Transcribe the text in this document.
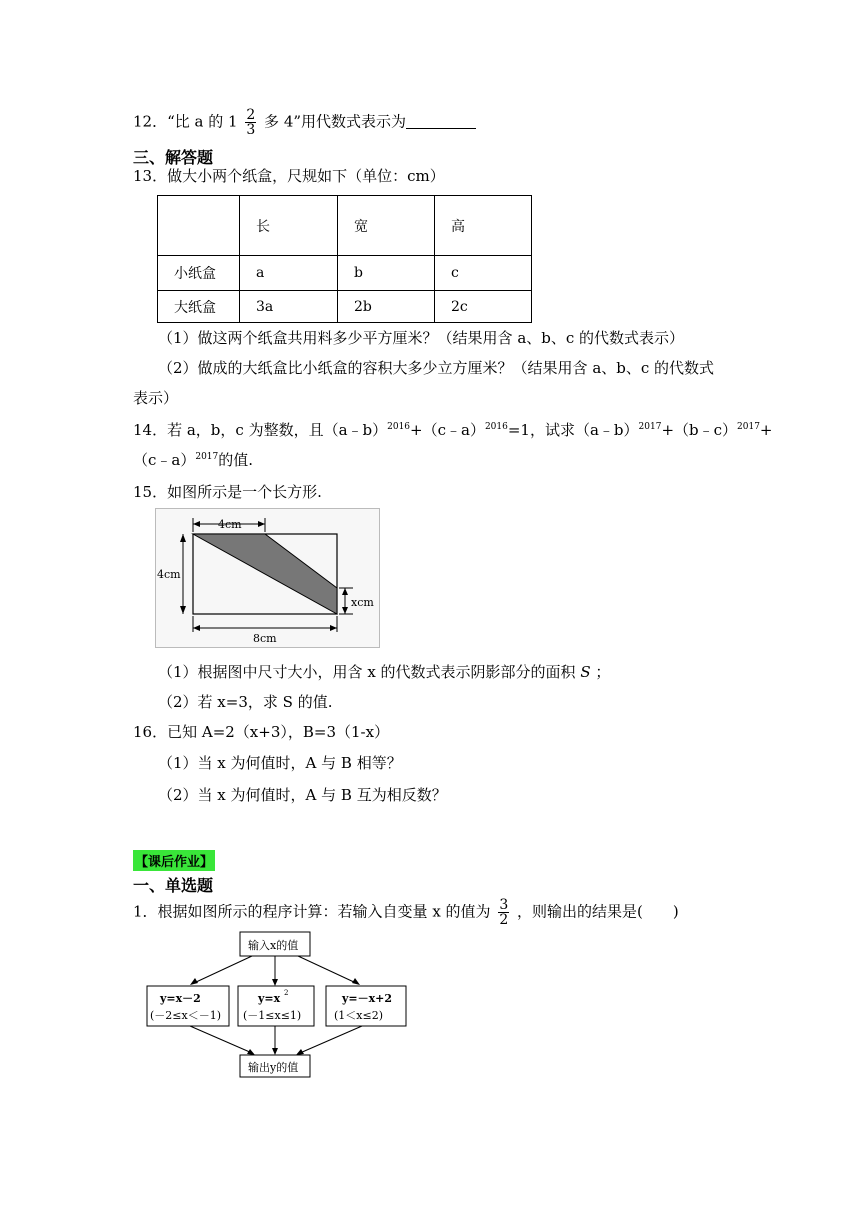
12．“比 a 的 $1 \frac{2}{3}$ 多 4”用代数式表示为
三、解答题
13．做大小两个纸盒，尺规如下（单位：cm）
	长	宽	高
小纸盒	a	b	c
大纸盒	3a	2b	2c
（1）做这两个纸盒共用料多少平方厘米？（结果用含 a、b、c 的代数式表示）
（2）做成的大纸盒比小纸盒的容积大多少立方厘米？（结果用含 a、b、c 的代数式
表示）
14．若 a，b，c 为整数，且（a﹣b）$^{2016}$+（c﹣a）$^{2016}$=1，试求（a﹣b）$^{2017}$+（b﹣c）$^{2017}$+
（c﹣a）$^{2017}$的值.
15．如图所示是一个长方形.
4cm
4cm
xcm
8cm
（1）根据图中尺寸大小，用含 x 的代数式表示阴影部分的面积 S ；
（2）若 x=3，求 S 的值.
16．已知 A=2（x+3），B=3（1-x）
（1）当 x 为何值时，A 与 B 相等？
（2）当 x 为何值时，A 与 B 互为相反数？
【课后作业】
一、单选题
1．根据如图所示的程序计算：若输入自变量 x 的值为 $\frac{3}{2}$ ，则输出的结果是(　　)
输入x的值
y=x－2
(－2≤x＜－1)
y=x 2
(－1≤x≤1)
y=－x+2
(1＜x≤2)
输出y的值
